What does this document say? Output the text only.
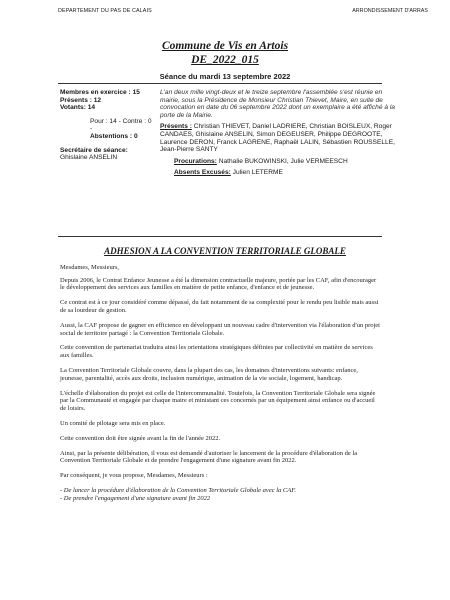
DEPARTEMENT DU PAS DE CALAIS	ARRONDISSEMENT D'ARRAS
Commune de Vis en Artois
DE_2022_015
Séance du mardi 13 septembre 2022
Membres en exercice : 15
Présents : 12
Votants: 14
Pour : 14 - Contre : 0 -
Abstentions : 0
Secrétaire de séance:
Ghislaine ANSELIN

L'an deux mille vingt-deux et le treize septembre l'assemblée s'est réunie en mairie, sous la Présidence de Monsieur Christian Thievet, Maire, en suite de convocation en date du 06 septembre 2022 dont un exemplaire a été affiché à la porte de la Mairie.

Présents : Christian THIEVET, Daniel LADRIERE, Christian BOISLEUX, Roger CANDAES, Ghislaine ANSELIN, Simon DEGEUSER, Philippe DEGROOTE, Laurence DERON, Franck LAGRENE, Raphaël LALIN, Sébastien ROUSSELLE, Jean-Pierre SANTY

Procurations: Nathalie BUKOWINSKI, Julie VERMEESCH

Absents Excusés: Julien LETERME

ADHESION A LA CONVENTION TERRITORIALE GLOBALE

Mesdames, Messieurs,

Depuis 2006, le Contrat Enfance Jeunesse a été la dimension contractuelle majeure, portée par les CAF, afin d'encourager le développement des services aux familles en matière de petite enfance, d'enfance et de jeunesse.

Ce contrat est à ce jour considéré comme dépassé, du fait notamment de sa complexité pour le rendu peu lisible mais aussi de sa lourdeur de gestion.

Aussi, la CAF propose de gagner en efficience en développant un nouveau cadre d'intervention via l'élaboration d'un projet social de territoire partagé : la Convention Territoriale Globale.

Cette convention de partenariat traduira ainsi les orientations stratégiques définies par collectivité en matière de services aux familles.

La Convention Territoriale Globale couvre, dans la plupart des cas, les domaines d'interventions suivants: enfance, jeunesse, parentalité, accès aux droits, inclusion numérique, animation de la vie sociale, logement, handicap.

L'échelle d'élaboration du projet est celle de l'intercommunalité. Toutefois, la Convention Territoriale Globale sera signée par la Communauté et engagée par chaque maire et ministant ces concernés par un équipement ainsi enfance ou d'accueil de loisirs.

Un comité de pilotage sera mis en place.

Cette convention doit être signée avant la fin de l'année 2022.

Ainsi, par la présente délibération, il vous est demandé d'autoriser le lancement de la procédure d'élaboration de la Convention Territoriale Globale et de prendre l'engagement d'une signature avant fin 2022.

Par conséquent, je vous propose, Mesdames, Messieurs :

- De lancer la procédure d'élaboration de la Convention Territoriale Globale avec la CAF.
- De prendre l'engagement d'une signature avant fin 2022
